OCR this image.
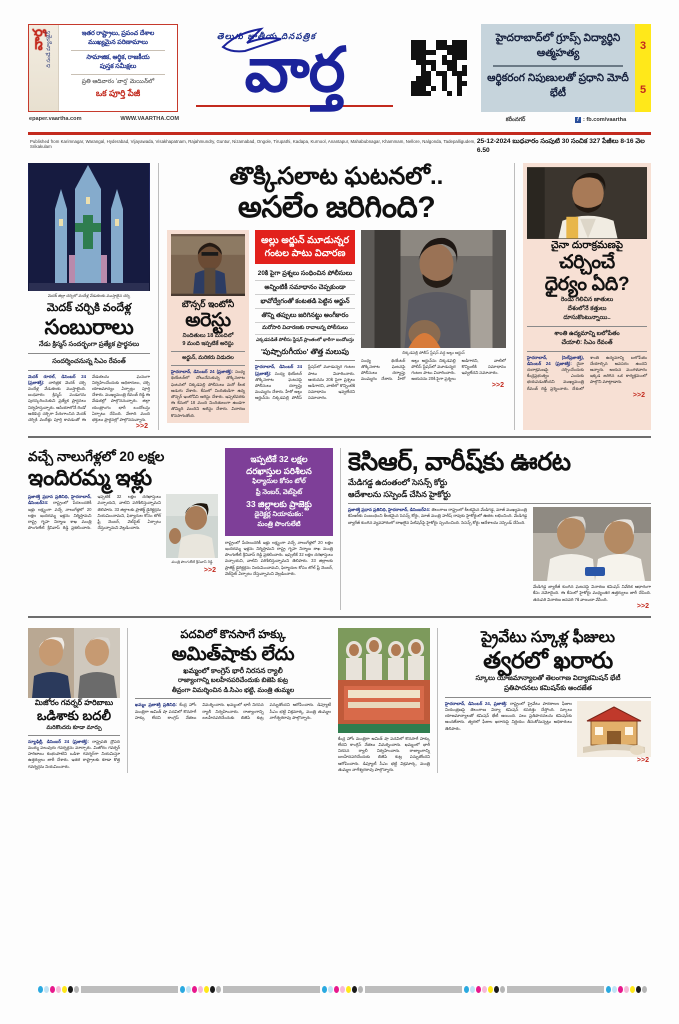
వార్త ది సండే మ్యాగజైన్	ఇతర రాష్ట్రాలు, ప్రపంచ దేశాల
ముఖ్యమైన పరిణామాలు
సామాజిక, ఆర్థిక, రాజకీయ
పుస్తక సమీక్షలు
ప్రతి ఆదివారం 'వార్త' మెయిన్‌లో
ఒక పూర్తి పేజీ
epaper.vaartha.com	WWW.VAARTHA.COM
తెలుగు జాతీయ దినపత్రిక
వార్త	హైదరాబాద్‌లో గ్రూప్స్ విద్యార్థిని ఆత్మహత్య
ఆర్థికరంగ నిపుణులతో ప్రధాని మోదీ భేటీ
3
5
కరీంనగర్	f : fb.com/vaartha
Published from Karimnagar, Warangal, Hyderabad, Vijayawada, Visakhapatnam, Rajahmundry, Guntur, Nizamabad, Ongole, Tirupathi, Kadapa, Kurnool, Anantapur, Mahabubnagar, Khammam, Nellore, Nalgonda, Tadepalligudem, Srikakulam
25-12-2024 బుధవారం సంపుటి 30 సంచిక 327 పేజీలు 8-16 వెల 6.50
మెదక్ జిల్లా చర్చిలో వందేళ్ల వేడుకలకు ముస్తాబైన చర్చి
మెదక్ చర్చికి వందేళ్ల
సంబురాలు
నేడు క్రిస్మస్ సందర్భంగా ప్రత్యేక ప్రార్థనలు
సందర్శించనున్న సిఎం రేవంత్
మెదక్ రూరల్, డిసెంబర్ 24 (ప్రజాశక్తి): చారిత్రక మెదక్ చర్చి వందేళ్ల వేడుకలకు ముస్తాబైంది. బుధవారం క్రిస్మస్ పండుగను పురస్కరించుకుని ప్రత్యేక ప్రార్థనలు నిర్వహిస్తున్నారు. ఆసియాలోనే రెండో అతిపెద్ద చర్చిగా పేరుగాంచిన మెదక్ చర్చికి వందేళ్లు పూర్తి కావడంతో ఈ వేడుకలను ఘనంగా నిర్వహించేందుకు అధికారులు, చర్చి యాజమాన్యం ఏర్పాట్లు పూర్తి చేశారు. ముఖ్యమంత్రి రేవంత్ రెడ్డి ఈ వేడుకల్లో పాల్గొననున్నారు. జిల్లా యంత్రాంగం భారీ బందోబస్తు ఏర్పాటు చేసింది. వేలాది మంది భక్తులు ప్రార్థనల్లో పాల్గొననున్నారు.
>>2
తొక్కిసలాట ఘటనలో..
అసలేం జరిగింది?
బౌన్సర్ ఇంటోనీ
అరెస్టు
నిందితులు 18 మందిలో
9 మంది ఇప్పటికే అరెస్టు
అర్జున్, మరికరు విడుదల
హైదరాబాద్, డిసెంబర్ 24 (ప్రజాశక్తి): సంధ్య థియేటర్‌లో చోటుచేసుకున్న తొక్కిసలాట ఘటనలో చిక్కడపల్లి పోలీసులు మరో కీలక అడుగు వేశారు. కేసులో నిందితుడిగా ఉన్న బౌన్సర్ ఇంటోనీని అరెస్టు చేశారు. ఇప్పటివరకు ఈ కేసులో 18 మంది నిందితులుగా ఉండగా తొమ్మిది మందిని అరెస్టు చేశారు. విచారణ కొనసాగుతోంది.
అల్లు అర్జున్ మూడున్నర
గంటల పాటు విచారణ
20కి పైగా ప్రశ్నలు సంధించిన పోలీసులు
అన్నింటికీ సమాధానం చెప్పకుండా
భావోద్వేగంతో కంటతడి పెట్టిన అర్జున్
తొన్ని తప్పులు జరిగినట్టు అంగీకారం
మరోసారి విచారణకు రావాలన్న పోలీసులు
ఎక్కడపడితే పోలీసు స్టేషన్ ప్రాంతంలో భారీగా బందోబస్తు
'పుష్పారుగీయం' తొత్త మలుపు
హైదరాబాద్, డిసెంబర్ 24 (ప్రజాశక్తి): సంధ్య థియేటర్ తొక్కిసలాట ఘటనపై పోలీసులు దర్యాప్తు ముమ్మరం చేశారు. హీరో అల్లు అర్జున్‌ను చిక్కడపల్లి పోలీస్ స్టేషన్‌లో మూడున్నర గంటల పాటు విచారించారు. ఆయనను 20కి పైగా ప్రశ్నలు అడిగారని, వాటిలో కొన్నింటికి సమాధానం ఇవ్వలేదని సమాచారం.
చిక్కడపల్లి పోలీస్ స్టేషన్ వద్ద అల్లు అర్జున్
సంధ్య థియేటర్ తొక్కిసలాట ఘటనపై పోలీసులు దర్యాప్తు ముమ్మరం చేశారు. హీరో అల్లు అర్జున్‌ను చిక్కడపల్లి పోలీస్ స్టేషన్‌లో మూడున్నర గంటల పాటు విచారించారు. ఆయనను 20కి పైగా ప్రశ్నలు అడిగారని, వాటిలో కొన్నింటికి సమాధానం ఇవ్వలేదని సమాచారం.
>>2
చైనా దురాక్రమణపై
చర్చించే
ధైర్యం ఏది?
రెండు గెలిచిన జాతులు
దేశంలోనే కత్తులు
దూసుకొంటున్నాయి..
శాంతి ఉద్యమాన్ని బలోపేతం
చేయాలి: సిఎం రేవంత్
హైదరాబాద్, (సెల్‌ప్రజాశక్తి), డిసెంబర్ 24 (ప్రజాశక్తి): చైనా దురాక్రమణపై చర్చించేందుకు కేంద్రప్రభుత్వం ఎందుకు భయపడుతోందని ముఖ్యమంత్రి రేవంత్ రెడ్డి ప్రశ్నించారు. దేశంలో శాంతి ఉద్యమాన్ని బలోపేతం చేయాల్సిన అవసరం ఉందని అన్నారు. ఆయన మంగళవారం ఇక్కడ జరిగిన ఒక కార్యక్రమంలో పాల్గొని మాట్లాడారు.
>>2
వచ్చే నాలుగేళ్లలో 20 లక్షల
ఇందిరమ్మ ఇళ్లు
ప్రజాశక్తి ప్రధాన ప్రతినిధి, హైదరాబాద్, డిసెంబర్24: రాష్ట్రంలో పేదలందరికీ ఇళ్లు లక్ష్యంగా వచ్చే నాలుగేళ్లలో 20 లక్షల ఇందిరమ్మ ఇళ్లను నిర్మిస్తామని రాష్ట్ర గృహ నిర్మాణ శాఖ మంత్రి పొంగులేటి శ్రీనివాస్ రెడ్డి ప్రకటించారు. ఇప్పటికే 32 లక్షల దరఖాస్తులు వచ్చాయని, వాటిని పరిశీలిస్తున్నామని తెలిపారు. 33 జిల్లాలకు ప్రాజెక్ట్ డైరెక్టర్లను నియమించామని, ఫిర్యాదుల కోసం టోల్ ఫ్రీ నెంబర్, వెబ్‌సైట్ ఏర్పాటు చేస్తున్నామని వెల్లడించారు.
మంత్రి పొంగులేటి శ్రీనివాస్ రెడ్డి
>>2
ఇప్పటికే 32 లక్షల
దరఖాస్తుల పరిశీలన
ఫిర్యాదుల కోసం టోల్
ఫ్రీ నెంబర్, వెబ్‌సైట్
33 జిల్లాలకు ప్రాజెక్టు
డైరెక్టర్ల నియామకం:
మంత్రి పొంగులేటి
రాష్ట్రంలో పేదలందరికీ ఇళ్లు లక్ష్యంగా వచ్చే నాలుగేళ్లలో 20 లక్షల ఇందిరమ్మ ఇళ్లను నిర్మిస్తామని రాష్ట్ర గృహ నిర్మాణ శాఖ మంత్రి పొంగులేటి శ్రీనివాస్ రెడ్డి ప్రకటించారు. ఇప్పటికే 32 లక్షల దరఖాస్తులు వచ్చాయని, వాటిని పరిశీలిస్తున్నామని తెలిపారు. 33 జిల్లాలకు ప్రాజెక్ట్ డైరెక్టర్లను నియమించామని, ఫిర్యాదుల కోసం టోల్ ఫ్రీ నెంబర్, వెబ్‌సైట్ ఏర్పాటు చేస్తున్నామని వెల్లడించారు.
కెసిఆర్, వారీష్‌కు ఊరట
మేడిగడ్డ ఉదంతంలో సెసన్స్ కోర్టు
ఆదేశాలను సస్పెండ్ చేసిన హైకోర్టు
ప్రజాశక్తి ప్రధాన ప్రతినిధి, హైదరాబాద్, డిసెంబర్24: తెలంగాణ రాష్ట్రంలో కీలకమైన మేడిగడ్డ, మాజీ ముఖ్యమంత్రి కెసిఆర్‌కు సంబంధించి కీలకమైన సెసన్స్ కోర్టు, మాజీ మంత్రి హరీష్ రావుకు హైకోర్టులో ఊరట లభించింది. మేడిగడ్డ బ్యారేజీ కుంగిన వ్యవహారంలో దాఖలైన పిటిషన్‌పై హైకోర్టు స్పందించింది. సెసన్స్ కోర్టు ఆదేశాలను సస్పెండ్ చేసింది.
మేడిగడ్డ బ్యారేజీ కుంగిన ఘటనపై విచారణ కమిషన్ నివేదిక ఆధారంగా కేసు నమోదైంది. ఈ కేసులో హైకోర్టు మధ్యంతర ఉత్తర్వులు జారీ చేసింది. తదుపరి విచారణ జనవరి 7కి వాయిదా వేసింది.
>>2
మిజోరం గవర్నర్ హరిబాబు
ఒడిశాకు బదలీ
మరికొందరు కూడా మార్పు
న్యూఢిల్లీ, డిసెంబర్ 24 (ప్రజాశక్తి): రాష్ట్రపతి ద్రౌపది ముర్ము పలువురు గవర్నర్లను మార్చారు. మిజోరం గవర్నర్ హరిబాబు కంభంపాటిని ఒడిశా గవర్నర్‌గా నియమిస్తూ ఉత్తర్వులు జారీ చేశారు. ఇతర రాష్ట్రాలకు కూడా కొత్త గవర్నర్లను నియమించారు.
పదవిలో కొనసాగే హక్కు
అమిత్‌షాకు లేదు
ఖమ్మంలో కాంగ్రెస్ భారీ నిరసన ర్యాలీ
రాజ్యాంగాన్ని బలహీనపరిచేందుకు బిజెపి కుట్ర
తీవ్రంగా విమర్శించిన డి.సిఎం భట్టి, మంత్రి తుమ్మల
ఖమ్మం ప్రజాశక్తి ప్రతినిధి: కేంద్ర హోం మంత్రిగా అమిత్ షా పదవిలో కొనసాగే హక్కు లేదని కాంగ్రెస్ నేతలు విమర్శించారు. ఖమ్మంలో భారీ నిరసన ర్యాలీ నిర్వహించారు. రాజ్యాంగాన్ని బలహీనపరిచేందుకు బిజెపి కుట్ర పన్నుతోందని ఆరోపించారు. డిప్యూటీ సీఎం భట్టి విక్రమార్క, మంత్రి తుమ్మల నాగేశ్వరరావు పాల్గొన్నారు.
కేంద్ర హోం మంత్రిగా అమిత్ షా పదవిలో కొనసాగే హక్కు లేదని కాంగ్రెస్ నేతలు విమర్శించారు. ఖమ్మంలో భారీ నిరసన ర్యాలీ నిర్వహించారు. రాజ్యాంగాన్ని బలహీనపరిచేందుకు బిజెపి కుట్ర పన్నుతోందని ఆరోపించారు. డిప్యూటీ సీఎం భట్టి విక్రమార్క, మంత్రి తుమ్మల నాగేశ్వరరావు పాల్గొన్నారు.
ప్రైవేటు స్కూళ్ల ఫీజులు
త్వరలో ఖరారు
స్కూలు యాజమాన్యాలతో తెలంగాణ విద్యాకమిషన్ భేటీ
ప్రతిపాదనలు కమిషన్‌కు అందజేత
హైదరాబాద్, డిసెంబర్ 24, ప్రజాశక్తి: రాష్ట్రంలో ప్రైవేటు పాఠశాలల ఫీజుల నియంత్రణపై తెలంగాణ విద్యా కమిషన్ కసరత్తు చేస్తోంది. స్కూలు యాజమాన్యాలతో కమిషన్ భేటీ అయింది. పలు ప్రతిపాదనలను కమిషన్‌కు అందజేశారు. త్వరలో ఫీజుల ఖరారుపై నిర్ణయం తీసుకోనున్నట్లు అధికారులు తెలిపారు.
>>2
